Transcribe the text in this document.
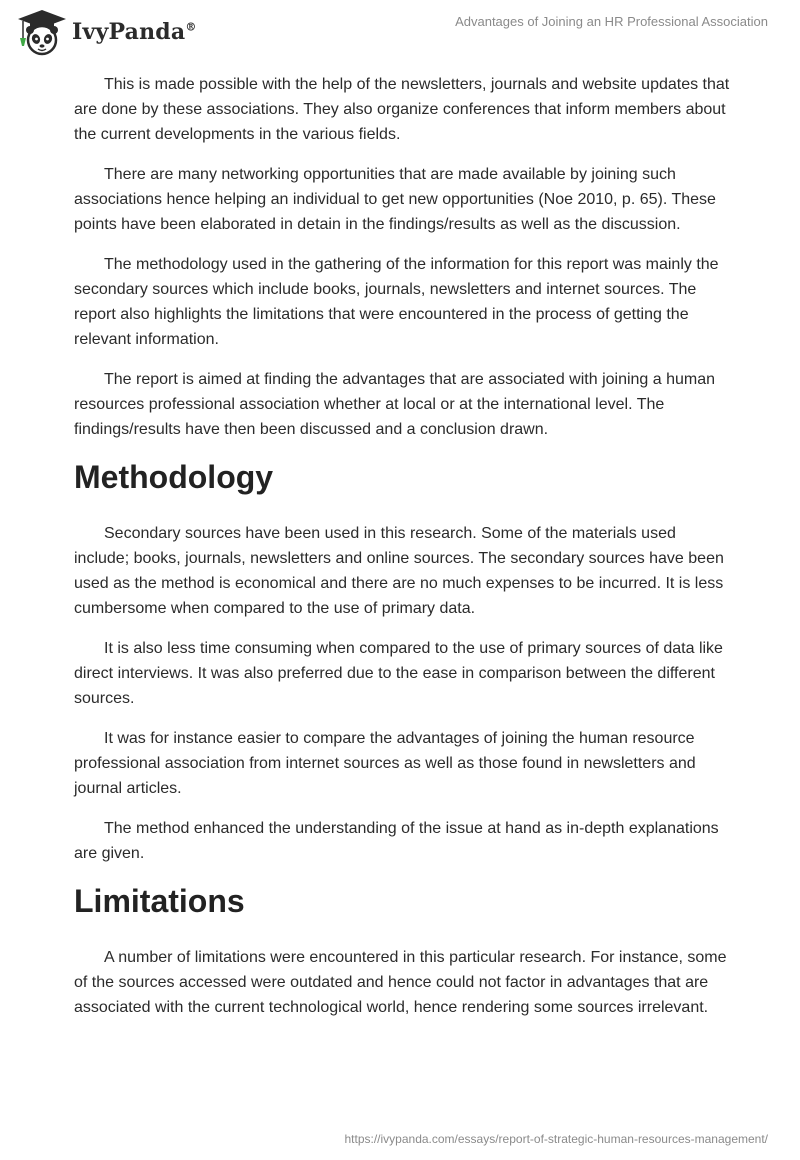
IvyPanda®	Advantages of Joining an HR Professional Association

This is made possible with the help of the newsletters, journals and website updates that are done by these associations. They also organize conferences that inform members about the current developments in the various fields.

There are many networking opportunities that are made available by joining such associations hence helping an individual to get new opportunities (Noe 2010, p. 65). These points have been elaborated in detain in the findings/results as well as the discussion.

The methodology used in the gathering of the information for this report was mainly the secondary sources which include books, journals, newsletters and internet sources. The report also highlights the limitations that were encountered in the process of getting the relevant information.

The report is aimed at finding the advantages that are associated with joining a human resources professional association whether at local or at the international level. The findings/results have then been discussed and a conclusion drawn.

Methodology

Secondary sources have been used in this research. Some of the materials used include; books, journals, newsletters and online sources. The secondary sources have been used as the method is economical and there are no much expenses to be incurred. It is less cumbersome when compared to the use of primary data.

It is also less time consuming when compared to the use of primary sources of data like direct interviews. It was also preferred due to the ease in comparison between the different sources.

It was for instance easier to compare the advantages of joining the human resource professional association from internet sources as well as those found in newsletters and journal articles.

The method enhanced the understanding of the issue at hand as in-depth explanations are given.

Limitations

A number of limitations were encountered in this particular research. For instance, some of the sources accessed were outdated and hence could not factor in advantages that are associated with the current technological world, hence rendering some sources irrelevant.

https://ivypanda.com/essays/report-of-strategic-human-resources-management/
